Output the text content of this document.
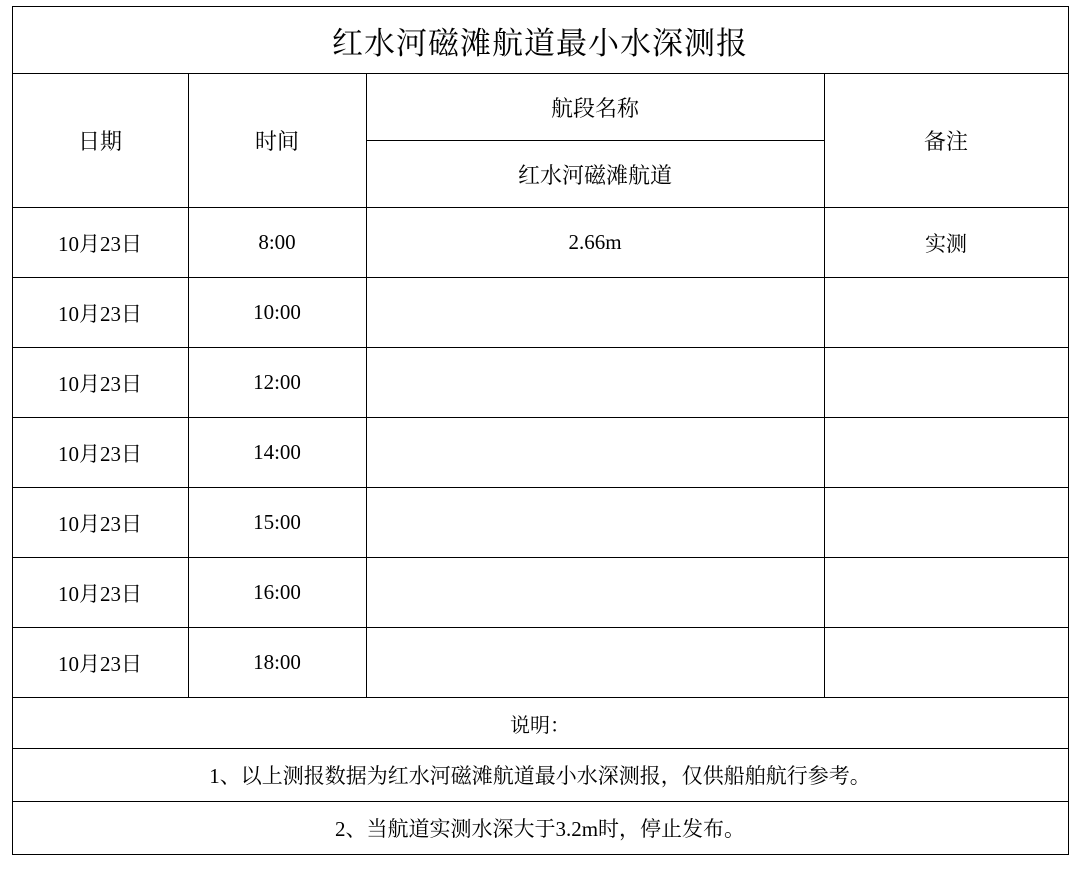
红水河磁滩航道最小水深测报			
日期	时间	航段名称	备注
		红水河磁滩航道	
10月23日	8:00	2.66m	实测
10月23日	10:00		
10月23日	12:00		
10月23日	14:00		
10月23日	15:00		
10月23日	16:00		
10月23日	18:00		
说明：			
1、以上测报数据为红水河磁滩航道最小水深测报，仅供船舶航行参考。			
2、当航道实测水深大于3.2m时，停止发布。			
